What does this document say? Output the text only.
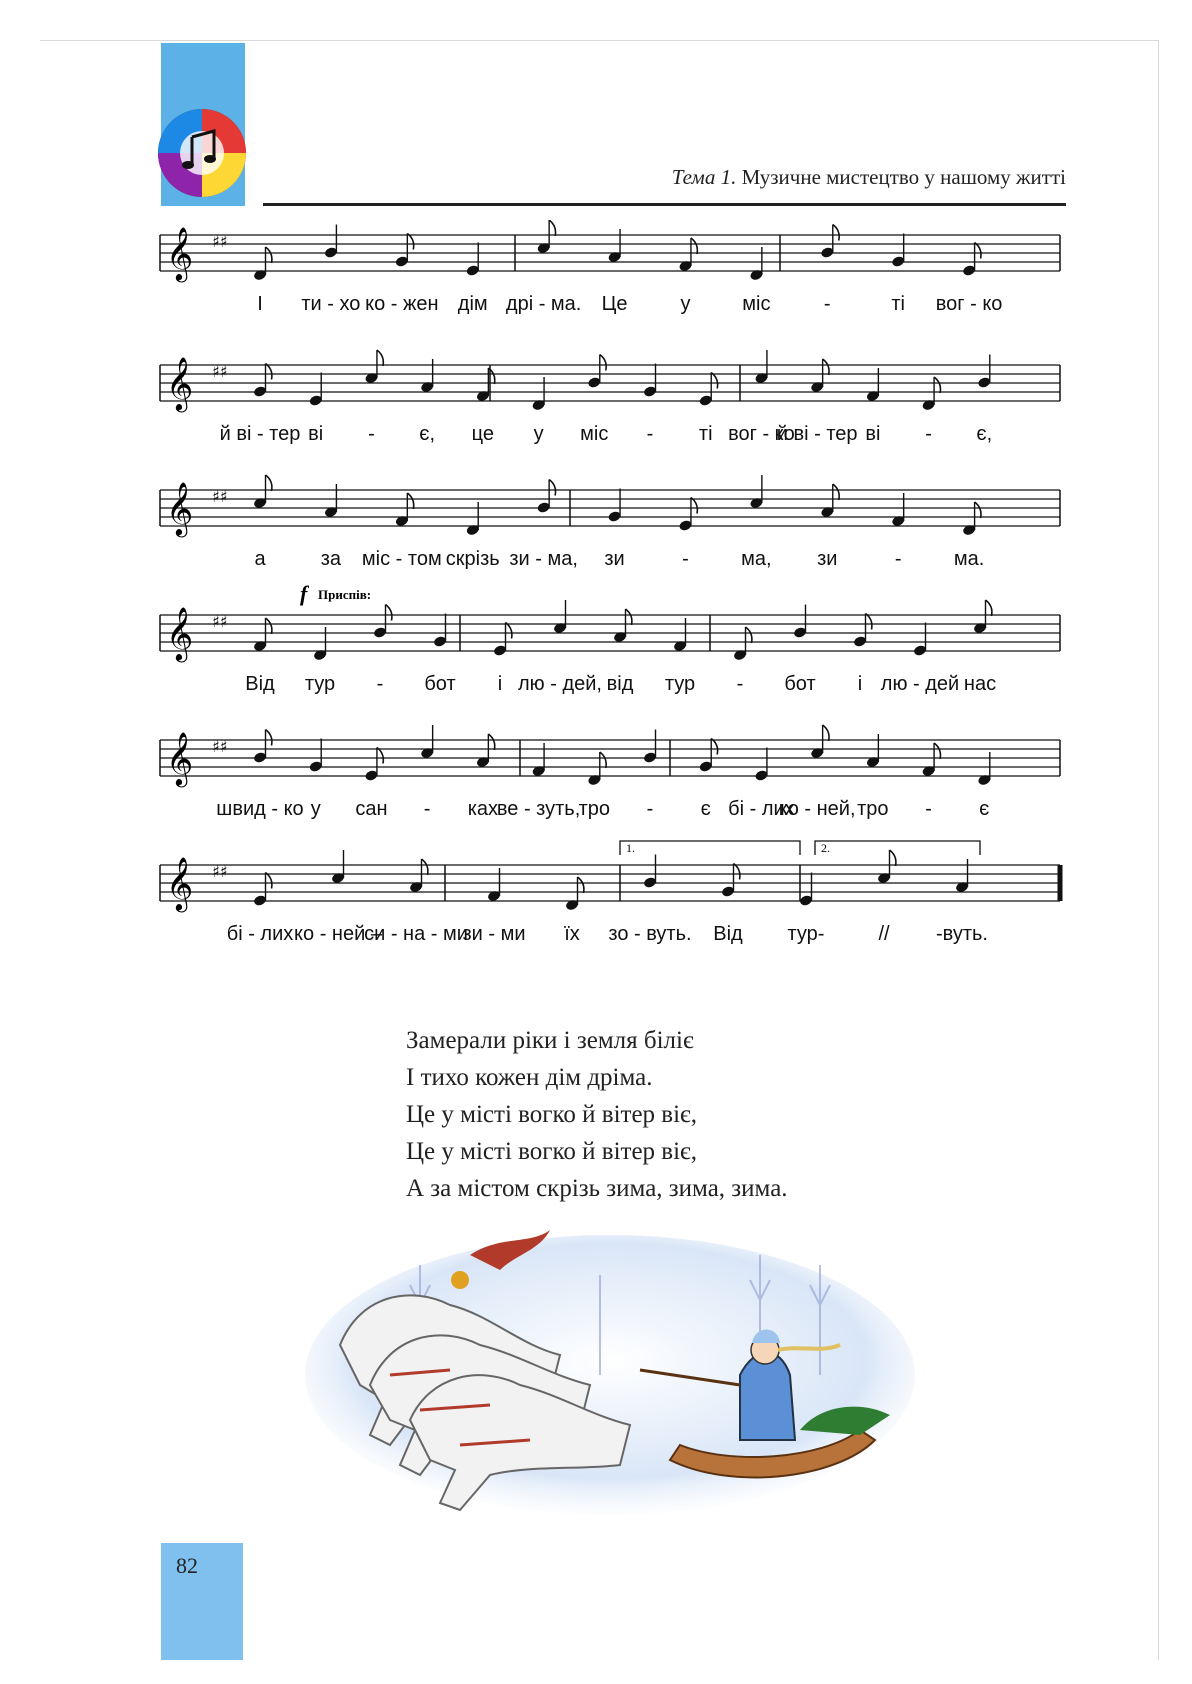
Тема 1. Музичне мистецтво у нашому житті
𝄞 ♯♯
𝄞 ♯♯
𝄞 ♯♯
𝄞 ♯♯
f Приспів:
𝄞 ♯♯
𝄞 ♯♯
1.	2.
І ти - хо ко - жен дім дрі - ма. Це	у	міс	-	ті вог - ко
й ві - тер ві - є, це у міс - ті вог - ко
й ві - тер ві - є,
а	за міс - том скрізь зи - ма, зи	-	ма, зи	-	ма.
Від тур - бот і лю - дей, від тур - бот і лю - дей нас
швид - ко у сан - ках
ве - зуть,
тро - є бі - лих
ко - ней, тро - є
бі - лих ко - ней –
си - на - ми
зи - ми їх зо - вуть. Від тур-	// -вуть.
Замерали ріки і земля біліє
І тихо кожен дім дріма.
Це у місті вогко й вітер віє,
Це у місті вогко й вітер віє,
А за містом скрізь зима, зима, зима.
82
